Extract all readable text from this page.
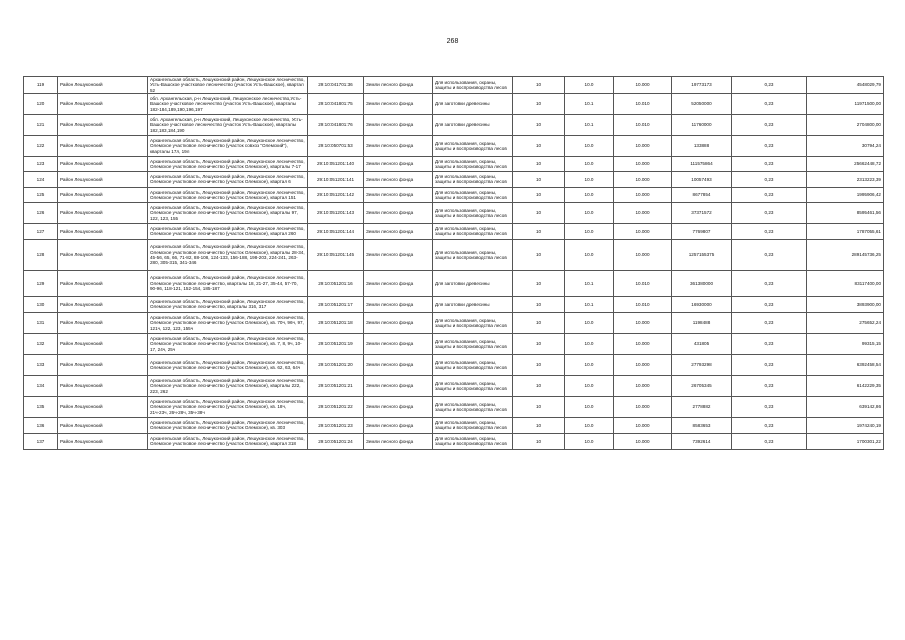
268
119	Район Лешуконский	Архангельская область, Лешуконский район, Лешуконское лесничество, Усть-Вашское участковое лесничество (участок Усть-Вашское), квартал 52	29:10:041701:36	Земли лесного фонда	Для использования, охраны, защиты и воспроизводства лесов	10	10.0	10.000	19773173	0,23	4548029,79
120	Район Лешуконский	обл. Архангельская, р-н Лешуконский, Лешуконское лесничество,Усть-Вашское участковое лесничество (участок Усть-Вашское), кварталы 182-184,189,190,196,197	29:10:041801:75	Земли лесного фонда	Для заготовки древесины	10	10.1	10.010	52050000	0,23	11971500,00
121	Район Лешуконский	обл. Архангельская, р-н Лешуконский, Лешуконское лесничество, Усть-Вашское участковое лесничество (участок Усть-Вашское), кварталы 182,183,184,190	29:10:041801:76	Земли лесного фонда	Для заготовки древесины	10	10.1	10.010	11760000	0,23	2704800,00
122	Район Лешуконский	Архангельская область, Лешуконский район, Лешуконское лесничество, Олемское участковое лесничество (участок совхоз "Олемский"), кварталы 17л, 19л	29:10:050701:53	Земли лесного фонда	Для использования, охраны, защиты и воспроизводства лесов	10	10.0	10.000	133888	0,23	30794,24
123	Район Лешуконский	Архангельская область, Лешуконский район, Лешуконское лесничество, Олемское участковое лесничество (участок Олемское), кварталы 7-17	29:10:051201:140	Земли лесного фонда	Для использования, охраны, защиты и воспроизводства лесов	10	10.0	10.000	111575864	0,23	25662448,72
124	Район Лешуконский	Архангельская область, Лешуконский район, Лешуконское лесничество, Олемское участковое лесничество (участок Олемское), квартал 6	29:10:051201:141	Земли лесного фонда	Для использования, охраны, защиты и воспроизводства лесов	10	10.0	10.000	10057493	0,23	2313223,39
125	Район Лешуконский	Архангельская область, Лешуконский район, Лешуконское лесничество, Олемское участковое лесничество (участок Олемское), квартал 151	29:10:051201:142	Земли лесного фонда	Для использования, охраны, защиты и воспроизводства лесов	10	10.0	10.000	8677854	0,23	1995906,42
126	Район Лешуконский	Архангельская область, Лешуконский район, Лешуконское лесничество, Олемское участковое лесничество (участок Олемское), кварталы 97, 122, 123, 155	29:10:051201:143	Земли лесного фонда	Для использования, охраны, защиты и воспроизводства лесов	10	10.0	10.000	37371572	0,23	8595461,56
127	Район Лешуконский	Архангельская область, Лешуконский район, Лешуконское лесничество, Олемское участковое лесничество (участок Олемское), квартал 260	29:10:051201:144	Земли лесного фонда	Для использования, охраны, защиты и воспроизводства лесов	10	10.0	10.000	7769807	0,23	1787055,61
128	Район Лешуконский	Архангельская область, Лешуконский район, Лешуконское лесничество, Олемское участковое лесничество (участок Олемское), кварталы 28-34, 45-56, 65, 66, 71-82, 88-108, 124-133, 156-188, 198-203, 224-241, 263-280, 305-315, 341-346	29:10:051201:145	Земли лесного фонда	Для использования, охраны, защиты и воспроизводства лесов	10	10.0	10.000	1257155375	0,23	289145736,25
129	Район Лешуконский	Архангельская область, Лешуконский район, Лешуконское лесничество, Олемское участковое лесничество, кварталы 18, 21-27, 35-44, 57-70, 90-96, 118-121, 152-154, 185-187	29:10:051201:16	Земли лесного фонда	Для заготовки древесины	10	10.1	10.010	361380000	0,23	83117400,00
130	Район Лешуконский	Архангельская область, Лешуконский район, Лешуконское лесничество, Олемское участковое лесничество, кварталы 316, 317	29:10:051201:17	Земли лесного фонда	Для заготовки древесины	10	10.1	10.010	16930000	0,23	3893900,00
131	Район Лешуконский	Архангельская область, Лешуконский район, Лешуконское лесничество, Олемское участковое лесничество (участок Олемское), кв. 70ч, 96ч, 97, 121ч, 122, 123, 155ч	29:10:051201:18	Земли лесного фонда	Для использования, охраны, защиты и воспроизводства лесов	10	10.0	10.000	1198488	0,23	275652,24
132	Район Лешуконский	Архангельская область, Лешуконский район, Лешуконское лесничество, Олемское участковое лесничество (участок Олемское), кв. 7, 8, 9ч, 10-17, 24ч, 25ч	29:10:051201:19	Земли лесного фонда	Для использования, охраны, защиты и воспроизводства лесов	10	10.0	10.000	431805	0,23	99315,15
133	Район Лешуконский	Архангельская область, Лешуконский район, Лешуконское лесничество, Олемское участковое лесничество (участок Олемское), кв. 62, 63, 64ч	29:10:051201:20	Земли лесного фонда	Для использования, охраны, защиты и воспроизводства лесов	10	10.0	10.000	27793298	0,23	6392458,54
134	Район Лешуконский	Архангельская область, Лешуконский район, Лешуконское лесничество, Олемское участковое лесничество (участок Олемское), кварталы 222, 223, 262	29:10:051201:21	Земли лесного фонда	Для использования, охраны, защиты и воспроизводства лесов	10	10.0	10.000	26705345	0,23	6142229,35
135	Район Лешуконский	Архангельская область, Лешуконский район, Лешуконское лесничество, Олемское участковое лесничество (участок Олемское), кв. 18ч, 21ч-23ч, 26ч-28ч, 35ч-38ч	29:10:051201:22	Земли лесного фонда	Для использования, охраны, защиты и воспроизводства лесов	10	10.0	10.000	2778882	0,23	639142,86
136	Район Лешуконский	Архангельская область, Лешуконский район, Лешуконское лесничество, Олемское участковое лесничество (участок Олемское), кв. 303	29:10:051201:23	Земли лесного фонда	Для использования, охраны, защиты и воспроизводства лесов	10	10.0	10.000	8583653	0,23	1974240,19
137	Район Лешуконский	Архангельская область, Лешуконский район, Лешуконское лесничество, Олемское участковое лесничество (участок Олемское), квартал 318	29:10:051201:24	Земли лесного фонда	Для использования, охраны, защиты и воспроизводства лесов	10	10.0	10.000	7392614	0,23	1700301,22
